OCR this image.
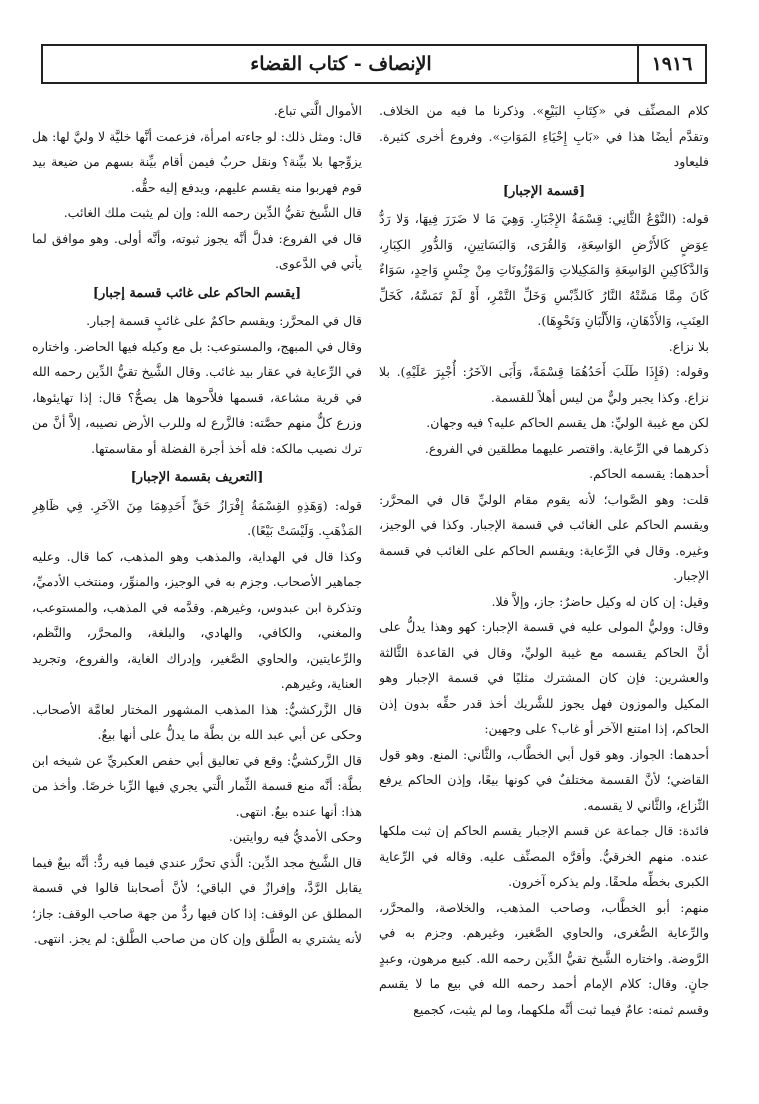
١٩١٦
الإنصاف - كتاب القضاء

كلام المصنِّف في «كِتَابِ البَيْعِ». وذكرنا ما فيه من الخلاف. وتقدَّم أيضًا هذا في «بَابِ إِحْيَاءِ المَوَاتِ». وفروع أخرى كثيرة. فليعاود

[قسمة الإجبار]

قوله: (النَّوْعُ الثَّانِي: قِسْمَةُ الإِجْبَارِ. وَهِيَ مَا لا ضَرَرَ فِيهَا، وَلا رَدُّ عِوَضٍ كَالأَرْضِ الوَاسِعَةِ، وَالقُرَى، وَالبَسَاتِينِ، وَالدُّورِ الكِبَارِ، وَالدَّكَاكِينِ الوَاسِعَةِ وَالمَكِيلاتِ وَالمَوْزُونَاتِ مِنْ جِنْسٍ وَاحِدٍ، سَوَاءٌ كَانَ مِمَّا مَسَّتْهُ النَّارُ كَالدِّبْسِ وَخَلِّ التَّمْرِ، أَوْ لَمْ تَمَسَّهُ، كَخَلِّ العِنَبِ، وَالأَدْهَانِ، وَالأَلْبَانِ وَنَحْوِهَا).

بلا نزاع.

وقوله: (فَإِذَا طَلَبَ أَحَدُهُمَا قِسْمَةً، وَأَبَى الآخَرُ: أُجْبِرَ عَلَيْهِ). بلا نزاع. وكذا يجبر وليٌّ من ليس أهلاً للقسمة.

لكن مع غيبة الوليِّ: هل يقسم الحاكم عليه؟ فيه وجهان.

ذكرهما في الرِّعاية. واقتصر عليهما مطلقين في الفروع.

أحدهما: يقسمه الحاكم.

قلت: وهو الصَّواب؛ لأنه يقوم مقام الوليِّ قال في المحرَّر: ويقسم الحاكم على الغائب في قسمة الإجبار. وكذا في الوجيز، وغيره. وقال في الرِّعاية: ويقسم الحاكم على الغائب في قسمة الإجبار.

وقيل: إن كان له وكيل حاضرٌ: جاز، وإلاَّ فلا.

وقال: ووليُّ المولى عليه في قسمة الإجبار: كهو وهذا يدلُّ على أنَّ الحاكم يقسمه مع غيبة الوليِّ، وقال في القاعدة الثَّالثة والعشرين: فإن كان المشترك مثليًا في قسمة الإجبار وهو المكيل والموزون فهل يجوز للشَّريك أخذ قدر حقِّه بدون إذن الحاكم، إذا امتنع الآخر أو غاب؟ على وجهين:

أحدهما: الجواز. وهو قول أبي الخطَّاب، والثَّاني: المنع. وهو قول القاضي؛ لأنَّ القسمة مختلفٌ في كونها بيعًا، وإذن الحاكم يرفع النِّزاع، والثَّاني لا يقسمه.

فائدة: قال جماعة عن قسم الإجبار يقسم الحاكم إن ثبت ملكها عنده. منهم الخرقيُّ. وأقرَّه المصنِّف عليه. وقاله في الرِّعاية الكبرى بخطِّه ملحقًا. ولم يذكره آخرون.

منهم: أبو الخطَّاب، وصاحب المذهب، والخلاصة، والمحرَّر، والرِّعاية الصُّغرى، والحاوي الصَّغير، وغيرهم. وجزم به في الرَّوضة. واختاره الشَّيخ تقيُّ الدِّين رحمه الله. كبيع مرهون، وعبدٍ جانٍ. وقال: كلام الإمام أحمد رحمه الله في بيع ما لا يقسم وقسم ثمنه: عامٌ فيما ثبت أنَّه ملكهما، وما لم يثبت، كجميع

الأموال الَّتي تباع.

قال: ومثل ذلك: لو جاءته امرأة، فزعمت أنَّها خليَّة لا وليَّ لها: هل يزوِّجها بلا بيِّنة؟ ونقل حربٌ فيمن أقام بيِّنة بسهم من ضيعة بيد قوم فهربوا منه يقسم عليهم، ويدفع إليه حقُّه.

قال الشَّيخ تقيُّ الدِّين رحمه الله: وإن لم يثبت ملك الغائب.

قال في الفروع: فدلَّ أنَّه يجوز ثبوته، وأنَّه أولى. وهو موافق لما يأتي في الدَّعوى.

[يقسم الحاكم على غائب قسمة إجبار]

قال في المحرَّر: ويقسم حاكمٌ على غائبٍ قسمة إجبار.

وقال في المبهج، والمستوعب: بل مع وكيله فيها الحاضر. واختاره في الرِّعاية في عقار بيد غائب. وقال الشَّيخ تقيُّ الدِّين رحمه الله في قرية مشاعة، قسمها فلاَّحوها هل يصحُّ؟ قال: إذا تهايئوها، وزرع كلٌّ منهم حصَّته: فالزَّرع له وللرب الأرض نصيبه، إلاَّ أنَّ من ترك نصيب مالكه: فله أخذ أجرة الفضلة أو مقاسمتها.

[التعريف بقسمة الإجبار]

قوله: (وَهَذِهِ القِسْمَةُ إِفْرَازُ حَقِّ أَحَدِهِمَا مِنَ الآخَرِ. فِي ظَاهِرِ المَذْهَبِ. وَلَيْسَتْ بَيْعًا).

وكذا قال في الهداية، والمذهب وهو المذهب، كما قال. وعليه جماهير الأصحاب. وجزم به في الوجيز، والمنوِّر، ومنتخب الأدميِّ، وتذكرة ابن عبدوس، وغيرهم. وقدَّمه في المذهب، والمستوعب، والمغني، والكافي، والهادي، والبلغة، والمحرَّر، والنَّظم، والرِّعايتين، والحاوي الصَّغير، وإدراك الغاية، والفروع، وتجريد العناية، وغيرهم.

قال الزَّركشيُّ: هذا المذهب المشهور المختار لعامَّة الأصحاب. وحكى عن أبي عبد الله بن بطَّة ما يدلُّ على أنها بيعٌ.

قال الزَّركشيُّ: وقع في تعاليق أبي حفص العكبريِّ عن شيخه ابن بطَّة: أنَّه منع قسمة الثِّمار الَّتي يجري فيها الرِّبا خرصًا. وأخذ من هذا: أنها عنده بيعٌ. انتهى.

وحكى الأمديُّ فيه روايتين.

قال الشَّيخ مجد الدِّين: الَّذي تحرَّر عندي فيما فيه ردٌّ: أنَّه بيعٌ فيما يقابل الرَّدَّ، وإفرازٌ في الباقي؛ لأنَّ أصحابنا قالوا في قسمة المطلق عن الوقف: إذا كان فيها ردٌّ من جهة صاحب الوقف: جاز؛ لأنه يشتري به الطَّلق وإن كان من صاحب الطَّلق: لم يجز. انتهى.
